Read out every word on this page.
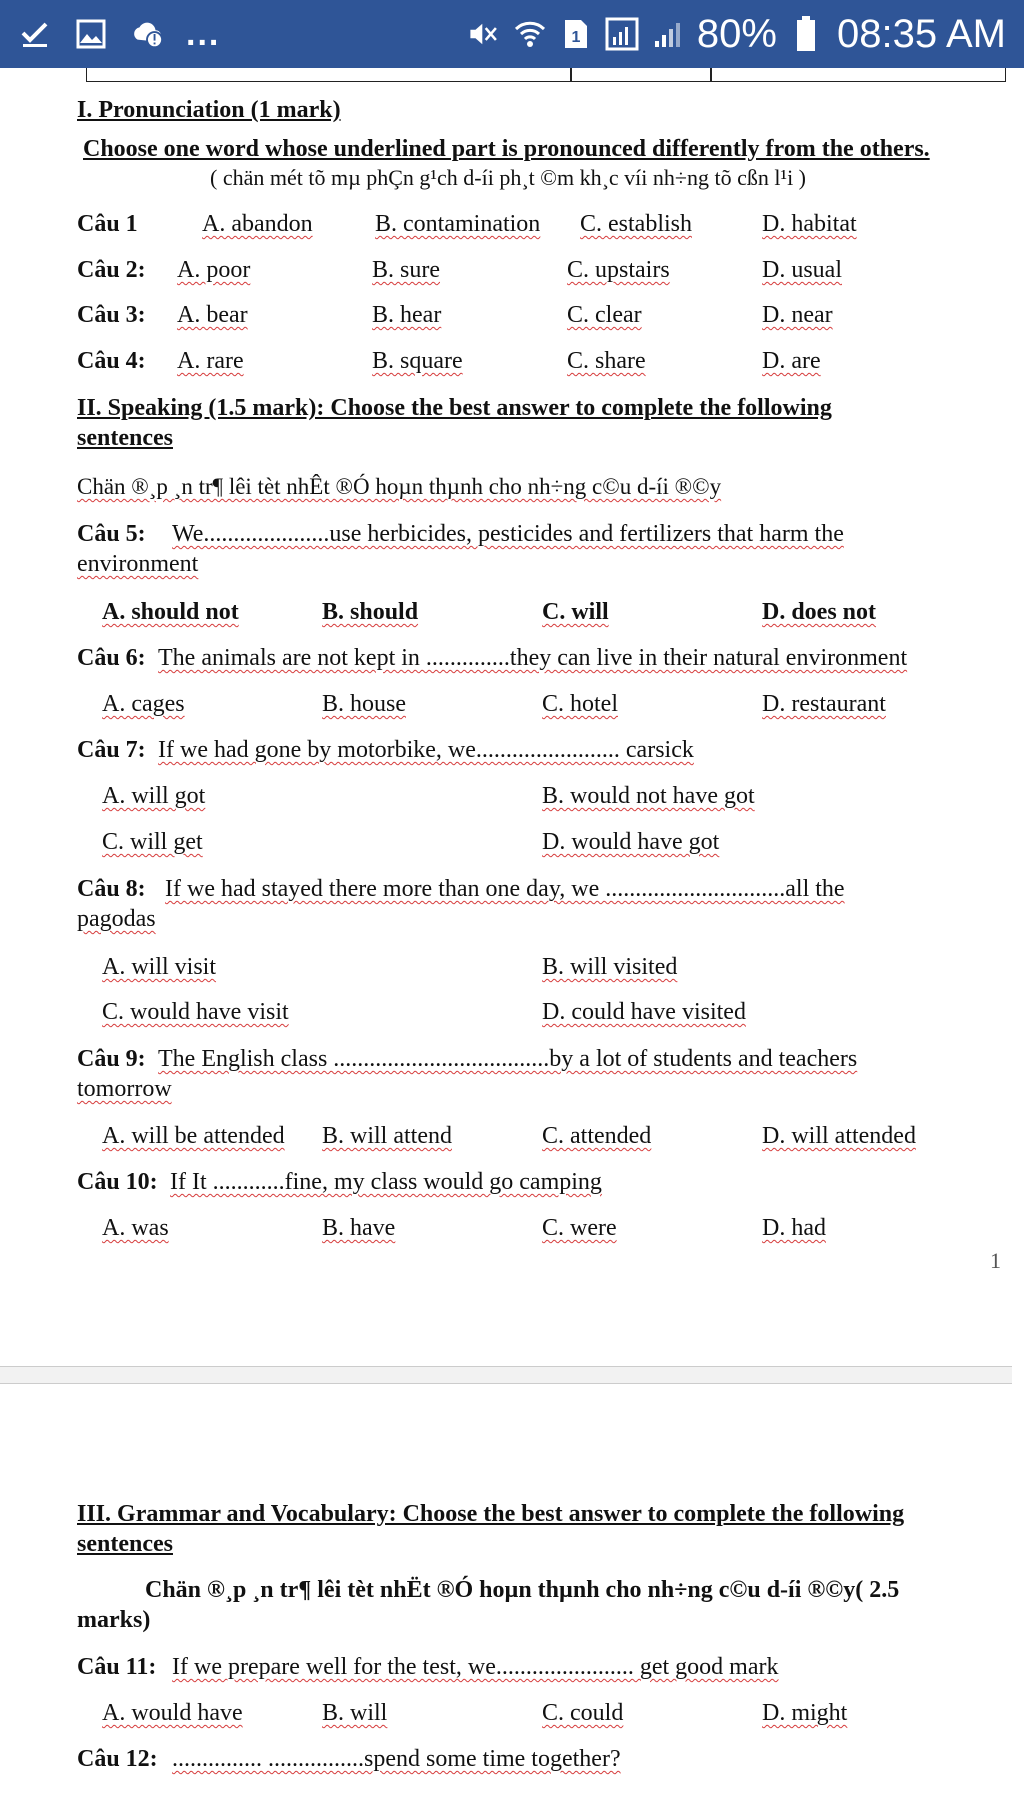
...	1	80% 08:35 AM
I. Pronunciation (1 mark)
Choose one word whose underlined part is pronounced differently from the others.
( chän mét tõ mµ phÇn g¹ch d-íi ph¸t ©m kh¸c víi nh÷ng tõ cßn l¹i )
Câu 1	A. abandon	B. contamination C. establish	D. habitat
Câu 2: A. poor	B. sure	C. upstairs	D. usual
Câu 3: A. bear	B. hear	C. clear	D. near
Câu 4: A. rare	B. square	C. share	D. are
II. Speaking (1.5 mark): Choose the best answer to complete the following
sentences
Chän ®¸p ¸n tr¶ lêi tèt nhÊt ®Ó hoµn thµnh cho nh÷ng c©u d-íi ®©y
Câu 5: We.....................use herbicides, pesticides and fertilizers that harm the
environment
A. should not	B. should	C. will	D. does not
Câu 6: The animals are not kept in ..............they can live in their natural environment
A. cages	B. house	C. hotel	D. restaurant
Câu 7: If we had gone by motorbike, we........................ carsick
A. will got	B. would not have got
C. will get	D. would have got
Câu 8: If we had stayed there more than one day, we ..............................all the
pagodas
A. will visit	B. will visited
C. would have visit	D. could have visited
Câu 9: The English class ....................................by a lot of students and teachers
tomorrow
A. will be attended B. will attend	C. attended	D. will attended
Câu 10: If It ............fine, my class would go camping
A. was	B. have	C. were	D. had
1
III. Grammar and Vocabulary: Choose the best answer to complete the following
sentences
Chän ®¸p ¸n tr¶ lêi tèt nhËt ®Ó hoµn thµnh cho nh÷ng c©u d-íi ®©y( 2.5
marks)
Câu 11: If we prepare well for the test, we....................... get good mark
A. would have	B. will	C. could	D. might
Câu 12: ............... ................spend some time together?
